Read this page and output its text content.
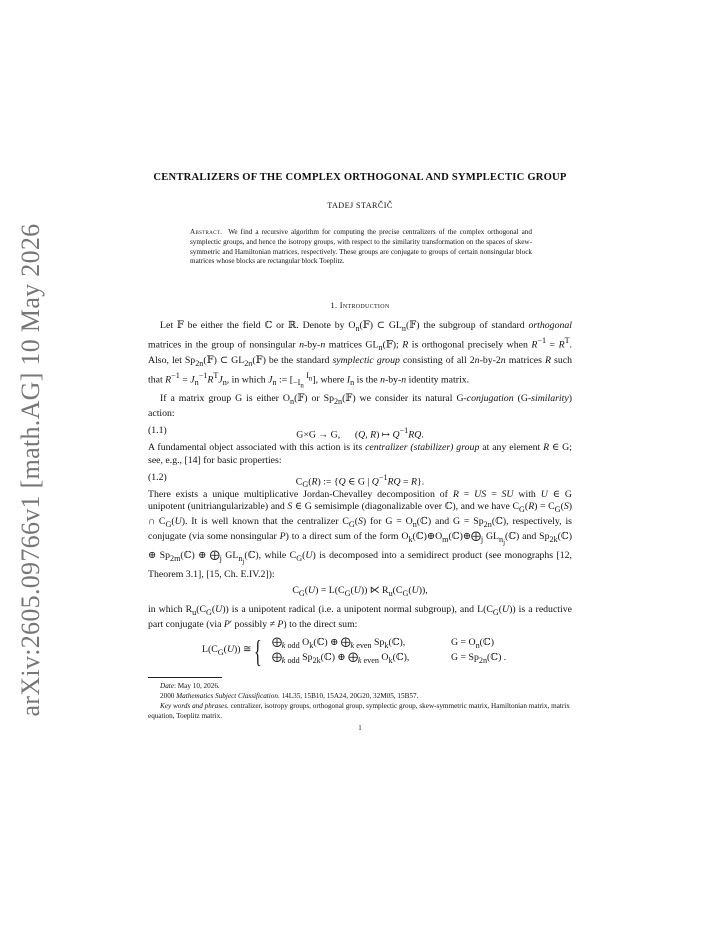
arXiv:2605.09766v1 [math.AG] 10 May 2026
CENTRALIZERS OF THE COMPLEX ORTHOGONAL AND SYMPLECTIC GROUP
TADEJ STARČIČ
Abstract. We find a recursive algorithm for computing the precise centralizers of the complex orthogonal and symplectic groups, and hence the isotropy groups, with respect to the similarity transformation on the spaces of skew-symmetric and Hamiltonian matrices, respectively. These groups are conjugate to groups of certain nonsingular block matrices whose blocks are rectangular block Toeplitz.
1. Introduction

Let 𝔽 be either the field ℂ or ℝ. Denote by $O_n(𝔽)$ ⊂ $GL_n(𝔽)$ the subgroup of standard orthogonal matrices in the group of nonsingular n-by-n matrices $GL_n(𝔽)$; R is orthogonal precisely when $R^{-1} = R^T$. Also, let $Sp_{2n}(𝔽)$ ⊂ $GL_{2n}(𝔽)$ be the standard symplectic group consisting of all 2n-by-2n matrices R such that $R^{-1} = J_n^{-1}R^TJ_n$, in which $J_n$ := [$_{-I_n}$ $^{I_n}$], where $I_n$ is the n-by-n identity matrix.

If a matrix group G is either $O_n(𝔽)$ or $Sp_{2n}(𝔽)$ we consider its natural G-conjugation (G-similarity) action:

(1.1)	G×G → G,      (Q, R) ↦ $Q^{-1}RQ$.

A fundamental object associated with this action is its centralizer (stabilizer) group at any element R ∈ G; see, e.g., [14] for basic properties:

(1.2)	$C_G(R)$ := {Q ∈ G | $Q^{-1}RQ = R$}.

There exists a unique multiplicative Jordan-Chevalley decomposition of R = US = SU with U ∈ G unipotent (unitriangularizable) and S ∈ G semisimple (diagonalizable over ℂ), and we have $C_G(R) = C_G(S)$ ∩ $C_G(U)$. It is well known that the centralizer $C_G(S)$ for $G = O_n(ℂ)$ and $G = Sp_{2n}(ℂ)$, respectively, is conjugate (via some nonsingular P) to a direct sum of the form $O_k(ℂ)\oplus O_m(ℂ)\oplus⨁_j$ $GL_{n_j}(ℂ)$ and $Sp_{2k}(ℂ)$ ⊕ $Sp_{2m}(ℂ)$ ⊕ $⨁_j$ $GL_{n_j}(ℂ)$, while $C_G(U)$ is decomposed into a semidirect product (see monographs [12, Theorem 3.1], [15, Ch. E.IV.2]):

$C_G(U) = L(C_G(U))$ ⋉ $R_u(C_G(U))$,

in which $R_u(C_G(U))$ is a unipotent radical (i.e. a unipotent normal subgroup), and $L(C_G(U))$ is a reductive part conjugate (via P′ possibly ≠ P) to the direct sum:

$L(C_G(U))$ ≅ { $⨁_{k odd}$ $O_k(ℂ)$ ⊕ $⨁_{k even}$ $Sp_k(ℂ)$,
$⨁_{k odd}$ $Sp_{2k}(ℂ)$ ⊕ $⨁_{k even}$ $O_k(ℂ)$,
$G = O_n(ℂ)$
$G = Sp_{2n}(ℂ)$ .

Date: May 10, 2026.

2000 Mathematics Subject Classification. 14L35, 15B10, 15A24, 20G20, 32M05, 15B57.

Key words and phrases. centralizer, isotropy groups, orthogonal group, symplectic group, skew-symmetric matrix, Hamiltonian matrix, matrix equation, Toeplitz matrix.

1
